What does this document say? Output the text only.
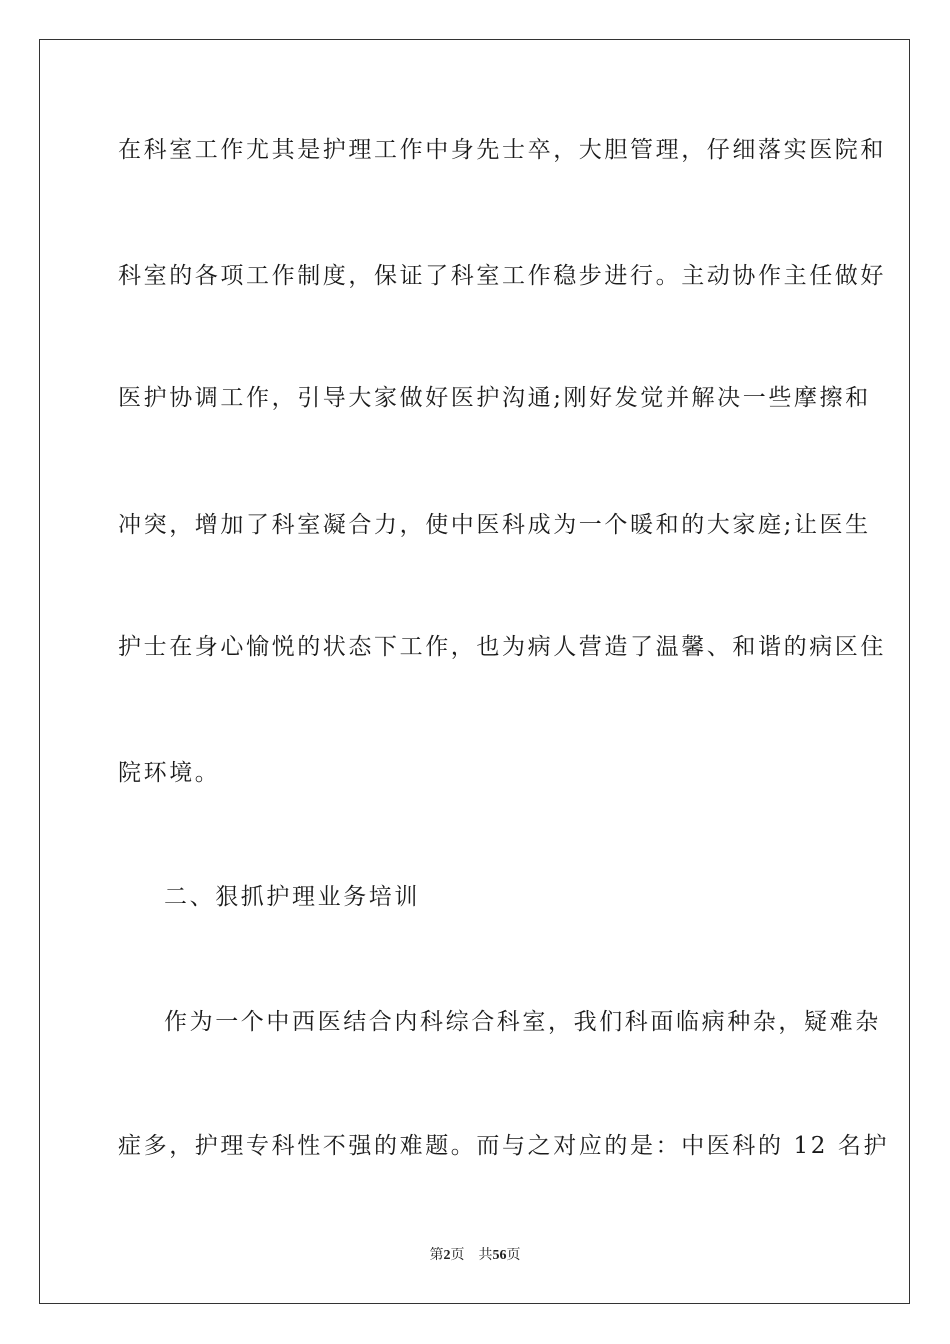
在科室工作尤其是护理工作中身先士卒，大胆管理，仔细落实医院和
科室的各项工作制度，保证了科室工作稳步进行。主动协作主任做好
医护协调工作，引导大家做好医护沟通;刚好发觉并解决一些摩擦和
冲突，增加了科室凝合力，使中医科成为一个暖和的大家庭;让医生
护士在身心愉悦的状态下工作，也为病人营造了温馨、和谐的病区住
院环境。
二、狠抓护理业务培训
作为一个中西医结合内科综合科室，我们科面临病种杂，疑难杂
症多，护理专科性不强的难题。而与之对应的是：中医科的 12 名护
第2页 共56页
